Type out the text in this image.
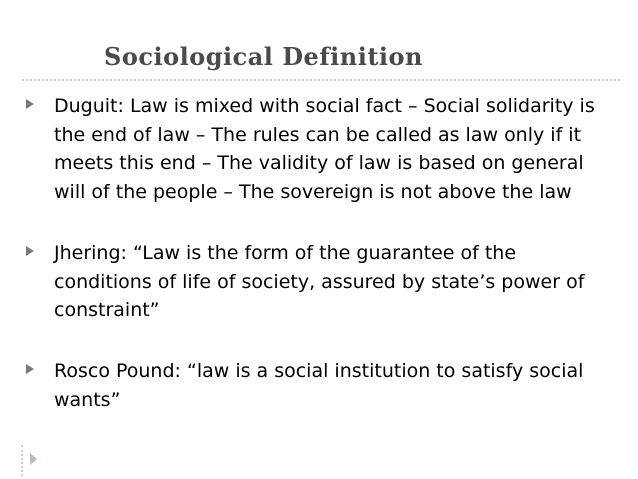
Sociological Definition
Duguit: Law is mixed with social fact – Social solidarity is the end of law – The rules can be called as law only if it meets this end – The validity of law is based on general will of the people – The sovereign is not above the law
Jhering: “Law is the form of the guarantee of the conditions of life of society, assured by state’s power of constraint”
Rosco Pound: “law is a social institution to satisfy social wants”
